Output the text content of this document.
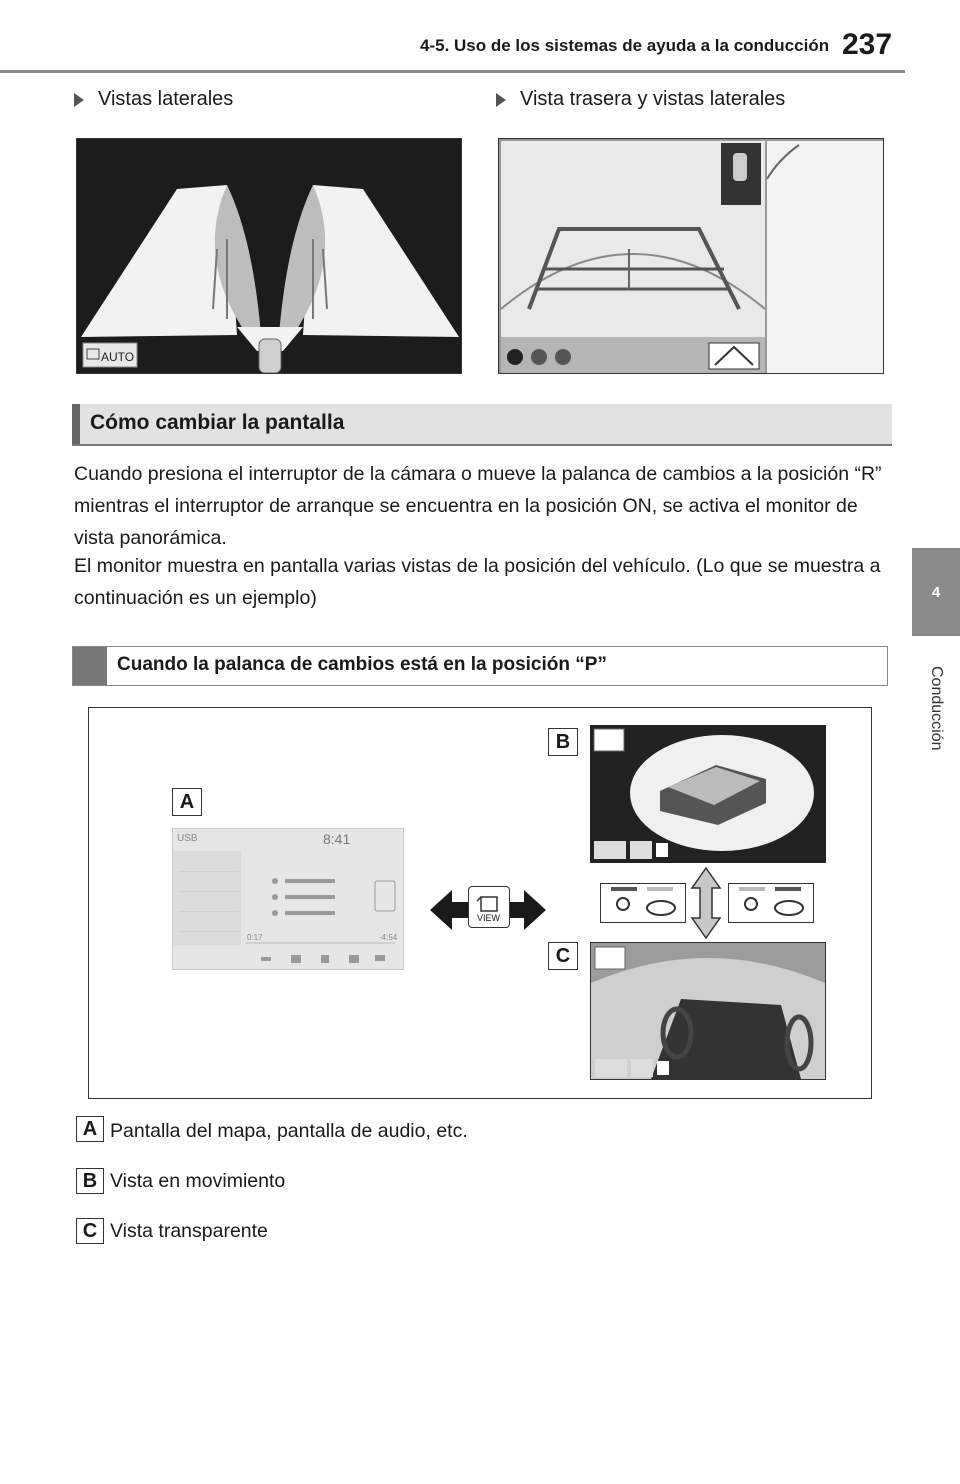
4-5. Uso de los sistemas de ayuda a la conducción 237
4
Conducción
Vistas laterales	Vista trasera y vistas laterales
AUTO
Cómo cambiar la pantalla
Cuando presiona el interruptor de la cámara o mueve la palanca de cambios a la posición “R” mientras el interruptor de arranque se encuentra en la posición ON, se activa el monitor de vista panorámica.
El monitor muestra en pantalla varias vistas de la posición del vehículo. (Lo que se muestra a continuación es un ejemplo)
Cuando la palanca de cambios está en la posición “P”
A
USB	8:41
0:17	-4:54
VIEW
B
C
A Pantalla del mapa, pantalla de audio, etc.
B Vista en movimiento
C Vista transparente
